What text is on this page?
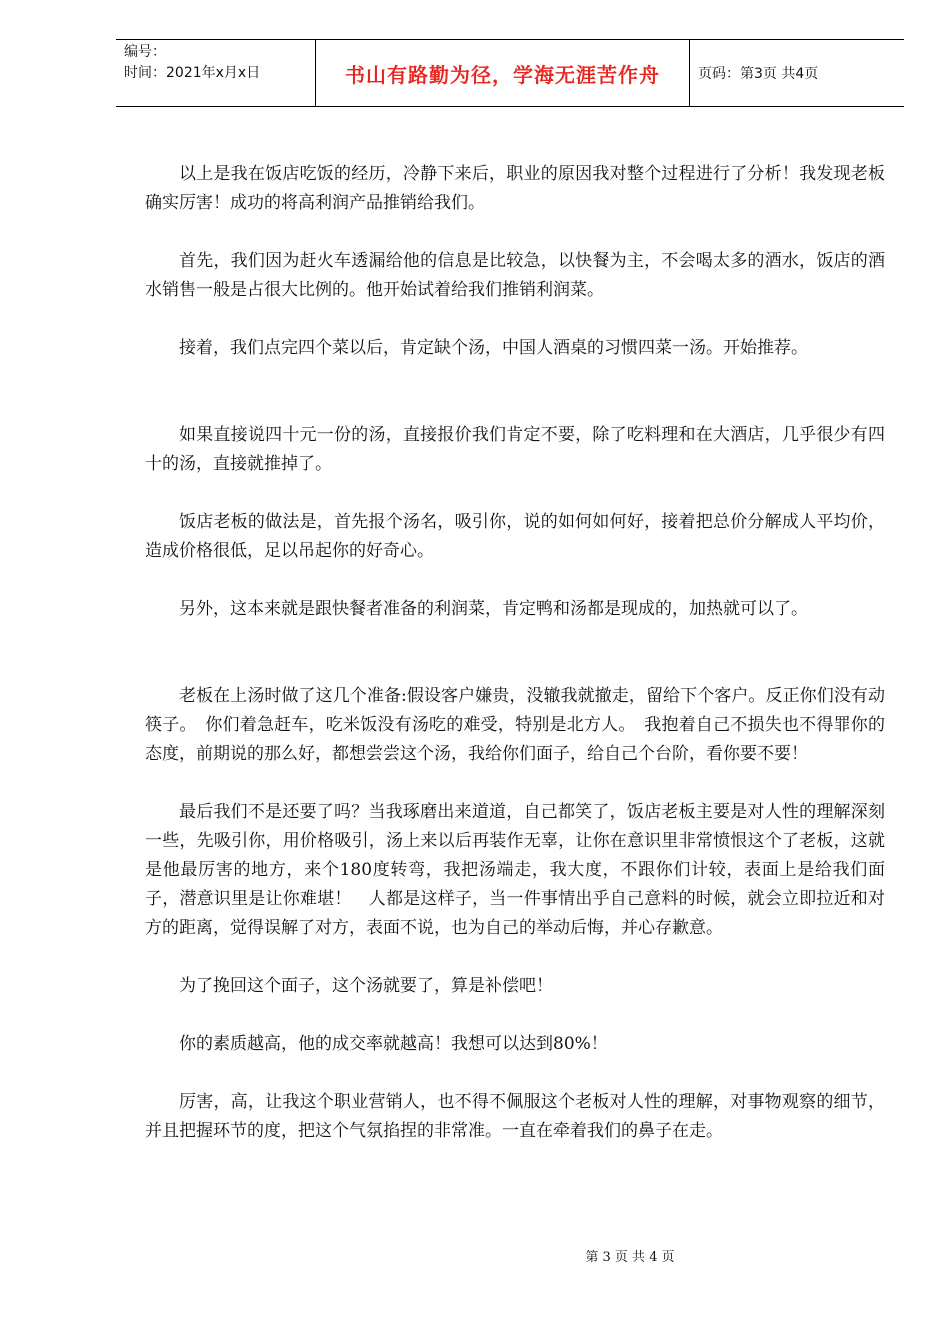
编号：
时间：2021年x月x日	书山有路勤为径，学海无涯苦作舟	页码：第3页 共4页

以上是我在饭店吃饭的经历，冷静下来后，职业的原因我对整个过程进行了分析！我发现老板确实厉害！成功的将高利润产品推销给我们。

首先，我们因为赶火车透漏给他的信息是比较急，以快餐为主，不会喝太多的酒水，饭店的酒水销售一般是占很大比例的。他开始试着给我们推销利润菜。

接着，我们点完四个菜以后，肯定缺个汤，中国人酒桌的习惯四菜一汤。开始推荐。

如果直接说四十元一份的汤，直接报价我们肯定不要，除了吃料理和在大酒店，几乎很少有四十的汤，直接就推掉了。

饭店老板的做法是，首先报个汤名，吸引你，说的如何如何好，接着把总价分解成人平均价，造成价格很低，足以吊起你的好奇心。

另外，这本来就是跟快餐者准备的利润菜，肯定鸭和汤都是现成的，加热就可以了。

老板在上汤时做了这几个准备:假设客户嫌贵，没辙我就撤走，留给下个客户。反正你们没有动筷子。　你们着急赶车，吃米饭没有汤吃的难受，特别是北方人。　我抱着自己不损失也不得罪你的态度，前期说的那么好，都想尝尝这个汤，我给你们面子，给自己个台阶，看你要不要！

最后我们不是还要了吗？当我琢磨出来道道，自己都笑了，饭店老板主要是对人性的理解深刻一些，先吸引你，用价格吸引，汤上来以后再装作无辜，让你在意识里非常愤恨这个了老板，这就是他最厉害的地方，来个180度转弯，我把汤端走，我大度，不跟你们计较，表面上是给我们面子，潜意识里是让你难堪！　人都是这样子，当一件事情出乎自己意料的时候，就会立即拉近和对方的距离，觉得误解了对方，表面不说，也为自己的举动后悔，并心存歉意。

为了挽回这个面子，这个汤就要了，算是补偿吧！

你的素质越高，他的成交率就越高！我想可以达到80%！

厉害，高，让我这个职业营销人，也不得不佩服这个老板对人性的理解，对事物观察的细节，并且把握环节的度，把这个气氛掐捏的非常准。一直在牵着我们的鼻子在走。

第 3 页 共 4 页
